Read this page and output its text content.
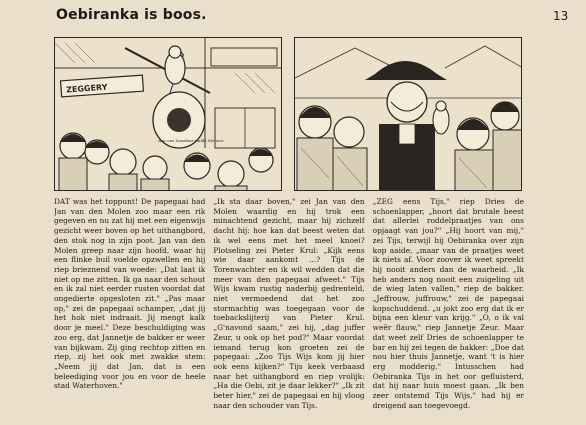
Oebiranka is boos.	13
ZEGGERY
Aan ons Zanzibar ruilde Meneer

DAT was het toppunt! De papegaai had Jan van den Molen zoo maar een rik gegeven en nu zat hij met een eigenwijs gezicht weer boven op het uithangbord, den stok nog in zijn poot. Jan van den Molen greep naar zijn hoofd, waar hij een flinke buil voelde opzwellen en hij riep brieznend van woede: „Dat laat ik niet op me zitten. Ik ga naar den schout en ik zal niet eerder rusten voordat dat ongedierte opgesloten zit." „Pas maar op," zei de papegaai schamper, „dat jij het hok niet indraait. Jij mengt kalk door je meel." Deze beschuldiging was zoo erg, dat Jannetje de bakker er weer van bijkwam. Zij ging rechtop zitten en riep, zij het ook met zwakke stem: „Neem jij dat Jan, dat is een beleediging voor jou en voor de heele stad Waterhoven."

„Ik sta daar boven," zei Jan van den Molen waardig en hij trok een minachtend gezicht, maar hij zichzelf dacht hij: hoe kan dat beest weten dat ik wel eens met het meel knoei? Plotseling zei Pieter Krul: „Kijk eens wie daar aankomt ...? Tijs de Torenwachter en ik wil wedden dat die meer van den papegaai afweet." Tijs Wijs kwam rustig naderbij gedrenteld, niet vermoedend dat het zoo stormachtig was toegegaan voor de toebackslijterij van Pieter Krul. „G'navond saam," zei hij, „dag juffer Zeur, u ook op het pod?" Maar voordat iemand terug kon groeten zei de papegaai: „Zoo Tijs Wijs kom jij hier ook eens kijken?" Tijs keek verbaasd naar het uithangbord en riep vrolijk: „Ha die Oebi, zit je daar lekker?" „Ik zit beter hier," zei de papegaai en hij vloog naar den schouder van Tijs.

„ZEG eens Tijs," riep Dries de schoenlapper, „hoort dat brutale beest dat allerlei roddelpraatjes van ons opjaagt van jou?" „Hij hoort van mij," zei Tijs, terwijl hij Oebiranka over zijn kop aaide, „maar van de praatjes weet ik niets af. Voor zoover ik weet spreekt hij nooit anders dan de waarheid. „Ik heb anders nog nooit een zuigeling uit de wieg laten vallen," riep de bakker. „Jeffrouw, juffrouw," zei de papegaai kopschuddend. „u jokt zoo erg dat ik er bijna een kleur van krijg." „O, o ik val weêr flauw," riep Jannetje Zeur. Maar dat weet zelf Dries de schoenlapper te bar en hij zei tegen de bakker: „Doe dat nou hier thuis Jannetje, want 't is hier erg modderig." Intusschen had Oebiranka Tijs in het oor gefluisterd, dat hij naar huis moest gaan. „Ik ben zeer ontstemd Tijs Wijs," had hij er dreigend aan toegevoegd.
